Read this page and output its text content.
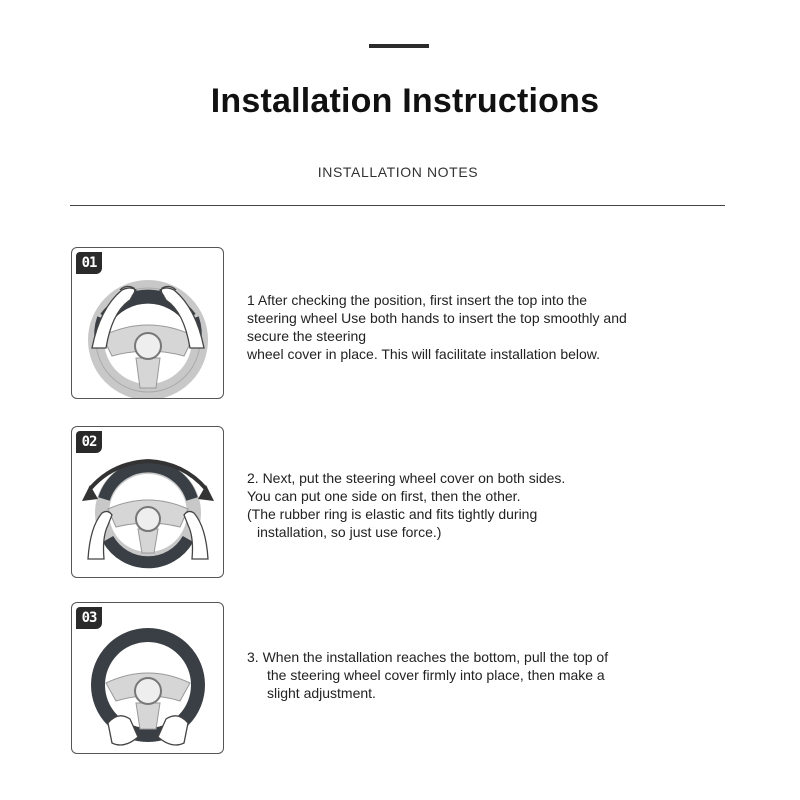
Installation Instructions
INSTALLATION NOTES
01

1 After checking the position, first insert the top into the

steering wheel Use both hands to insert the top smoothly and

secure the steering

wheel cover in place. This will facilitate installation below.

02

2. Next, put the steering wheel cover on both sides.

You can put one side on first, then the other.

(The rubber ring is elastic and fits tightly during

installation, so just use force.)

03

3. When the installation reaches the bottom, pull the top of

the steering wheel cover firmly into place, then make a

slight adjustment.
